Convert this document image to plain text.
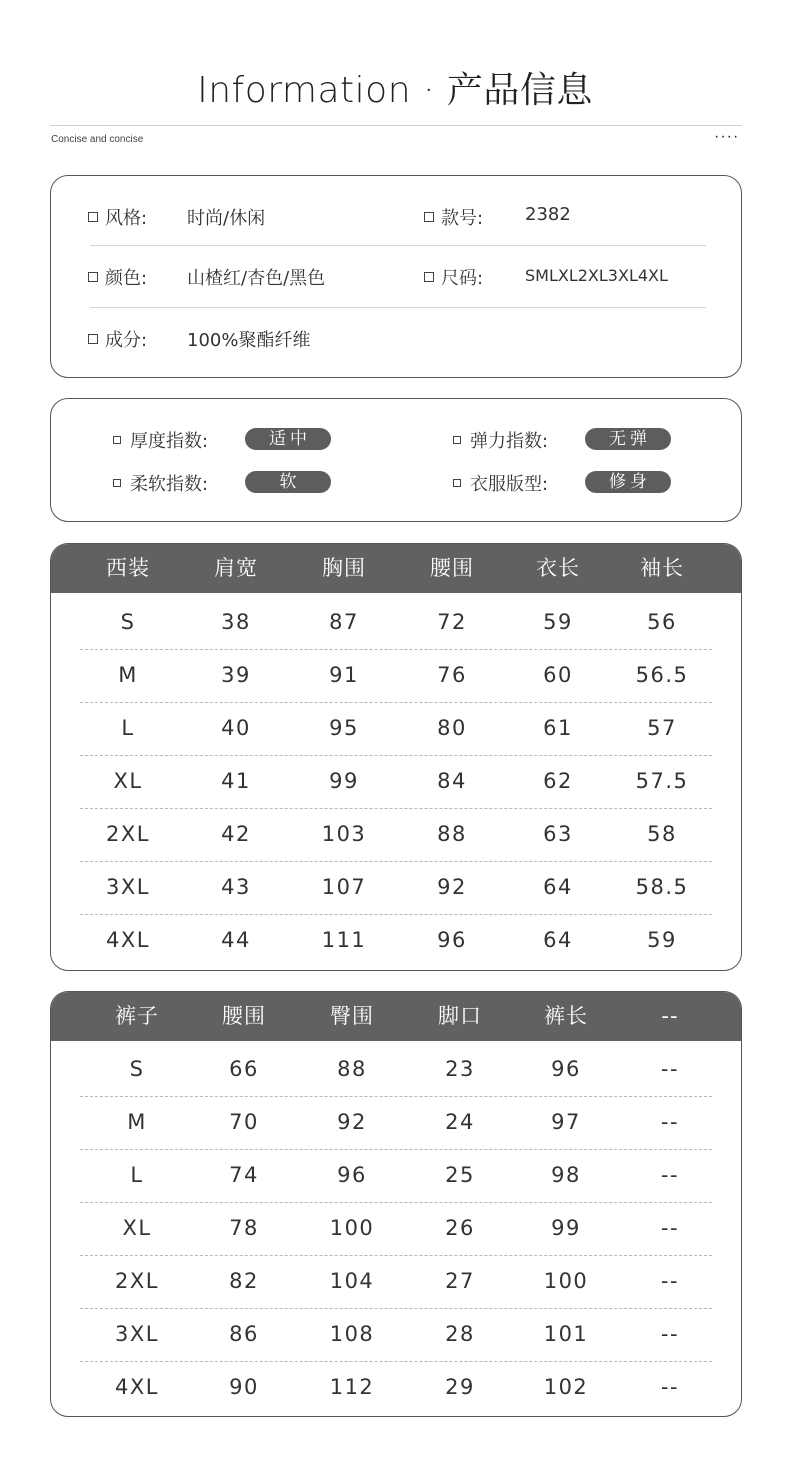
Information · 产品信息
Concise and concise	····
风格: 时尚/休闲	款号: 2382
颜色: 山楂红/杏色/黑色	尺码:	SMLXL2XL3XL4XL
成分: 100%聚酯纤维
厚度指数:	适中	弹力指数:	无弹
柔软指数:	软	衣服版型:	修身
西装	肩宽	胸围	腰围	衣长	袖长
S	38	87	72	59	56
M	39	91	76	60	56.5
L	40	95	80	61	57
XL	41	99	84	62	57.5
2XL	42	103	88	63	58
3XL	43	107	92	64	58.5
4XL	44	111	96	64	59
裤子	腰围	臀围	脚口	裤长	--
S	66	88	23	96	--
M	70	92	24	97	--
L	74	96	25	98	--
XL	78	100	26	99	--
2XL	82	104	27	100	--
3XL	86	108	28	101	--
4XL	90	112	29	102	--
